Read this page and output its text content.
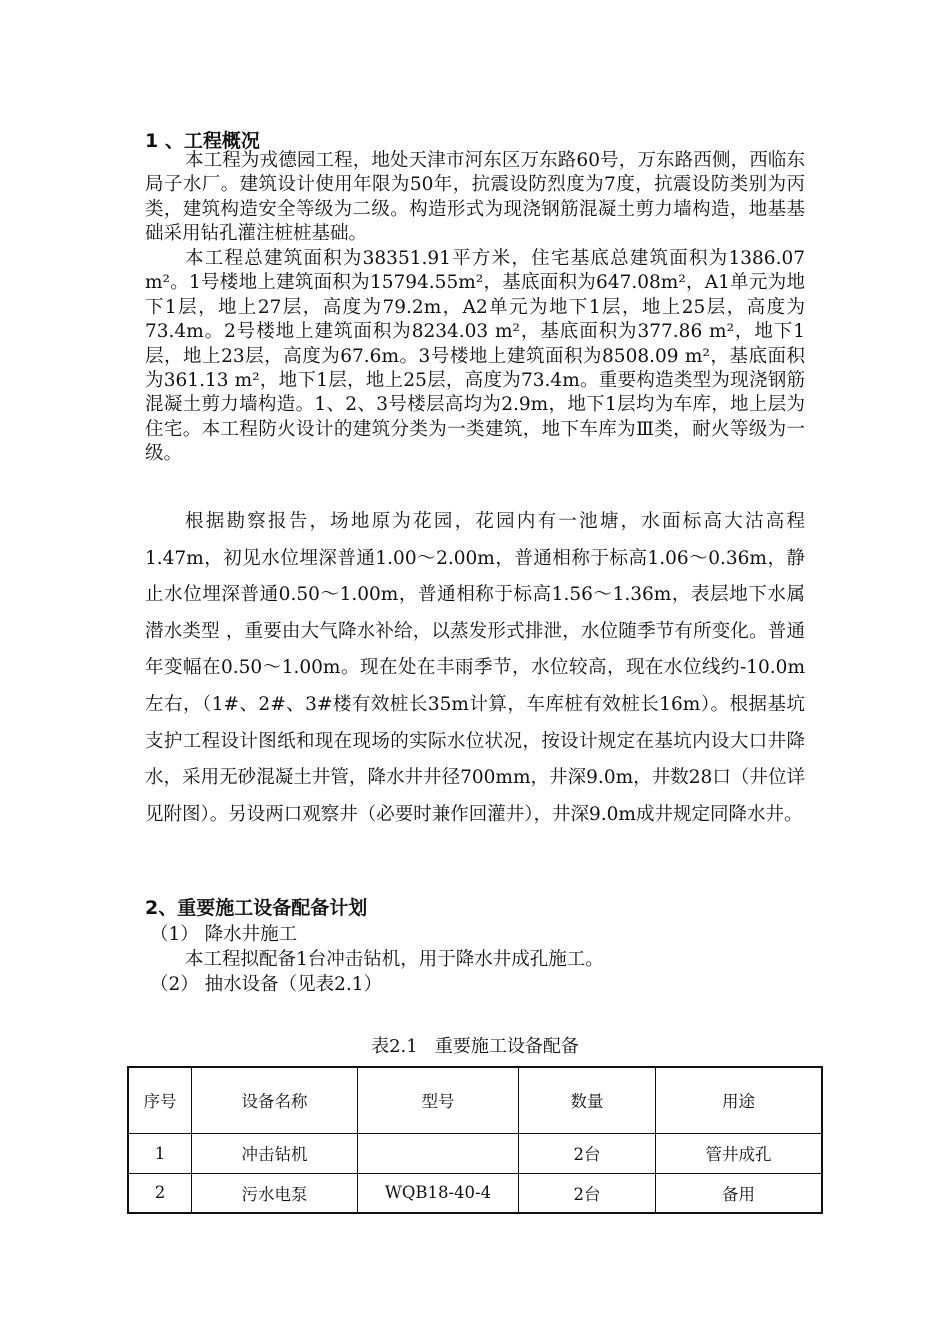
1 、工程概况

本工程为戎德园工程，地处天津市河东区万东路60号，万东路西侧，西临东局子水厂。建筑设计使用年限为50年，抗震设防烈度为7度，抗震设防类别为丙类，建筑构造安全等级为二级。构造形式为现浇钢筋混凝土剪力墙构造，地基基础采用钻孔灌注桩桩基础。

本工程总建筑面积为38351.91平方米，住宅基底总建筑面积为1386.07 m²。1号楼地上建筑面积为15794.55m²，基底面积为647.08m²，A1单元为地下1层，地上27层，高度为79.2m，A2单元为地下1层，地上25层，高度为73.4m。2号楼地上建筑面积为8234.03 m²，基底面积为377.86 m²，地下1层，地上23层，高度为67.6m。3号楼地上建筑面积为8508.09 m²，基底面积为361.13 m²，地下1层，地上25层，高度为73.4m。重要构造类型为现浇钢筋混凝土剪力墙构造。1、2、3号楼层高均为2.9m，地下1层均为车库，地上层为住宅。本工程防火设计的建筑分类为一类建筑，地下车库为Ⅲ类，耐火等级为一级。

根据勘察报告，场地原为花园，花园内有一池塘，水面标高大沽高程1.47m，初见水位埋深普通1.00～2.00m，普通相称于标高1.06～0.36m，静止水位埋深普通0.50～1.00m，普通相称于标高1.56～1.36m，表层地下水属潜水类型 ，重要由大气降水补给，以蒸发形式排泄，水位随季节有所变化。普通年变幅在0.50～1.00m。现在处在丰雨季节，水位较高，现在水位线约-10.0m左右，（1#、2#、3#楼有效桩长35m计算，车库桩有效桩长16m）。根据基坑支护工程设计图纸和现在现场的实际水位状况，按设计规定在基坑内设大口井降水，采用无砂混凝土井管，降水井井径700mm，井深9.0m，井数28口（井位详见附图）。另设两口观察井（必要时兼作回灌井），井深9.0m成井规定同降水井。

2、重要施工设备配备计划
（1） 降水井施工
本工程拟配备1台冲击钻机，用于降水井成孔施工。
（2） 抽水设备（见表2.1）
表2.1   重要施工设备配备
序号	设备名称	型号	数量	用途
1	冲击钻机		2台	管井成孔
2	污水电泵	WQB18-40-4	2台	备用
